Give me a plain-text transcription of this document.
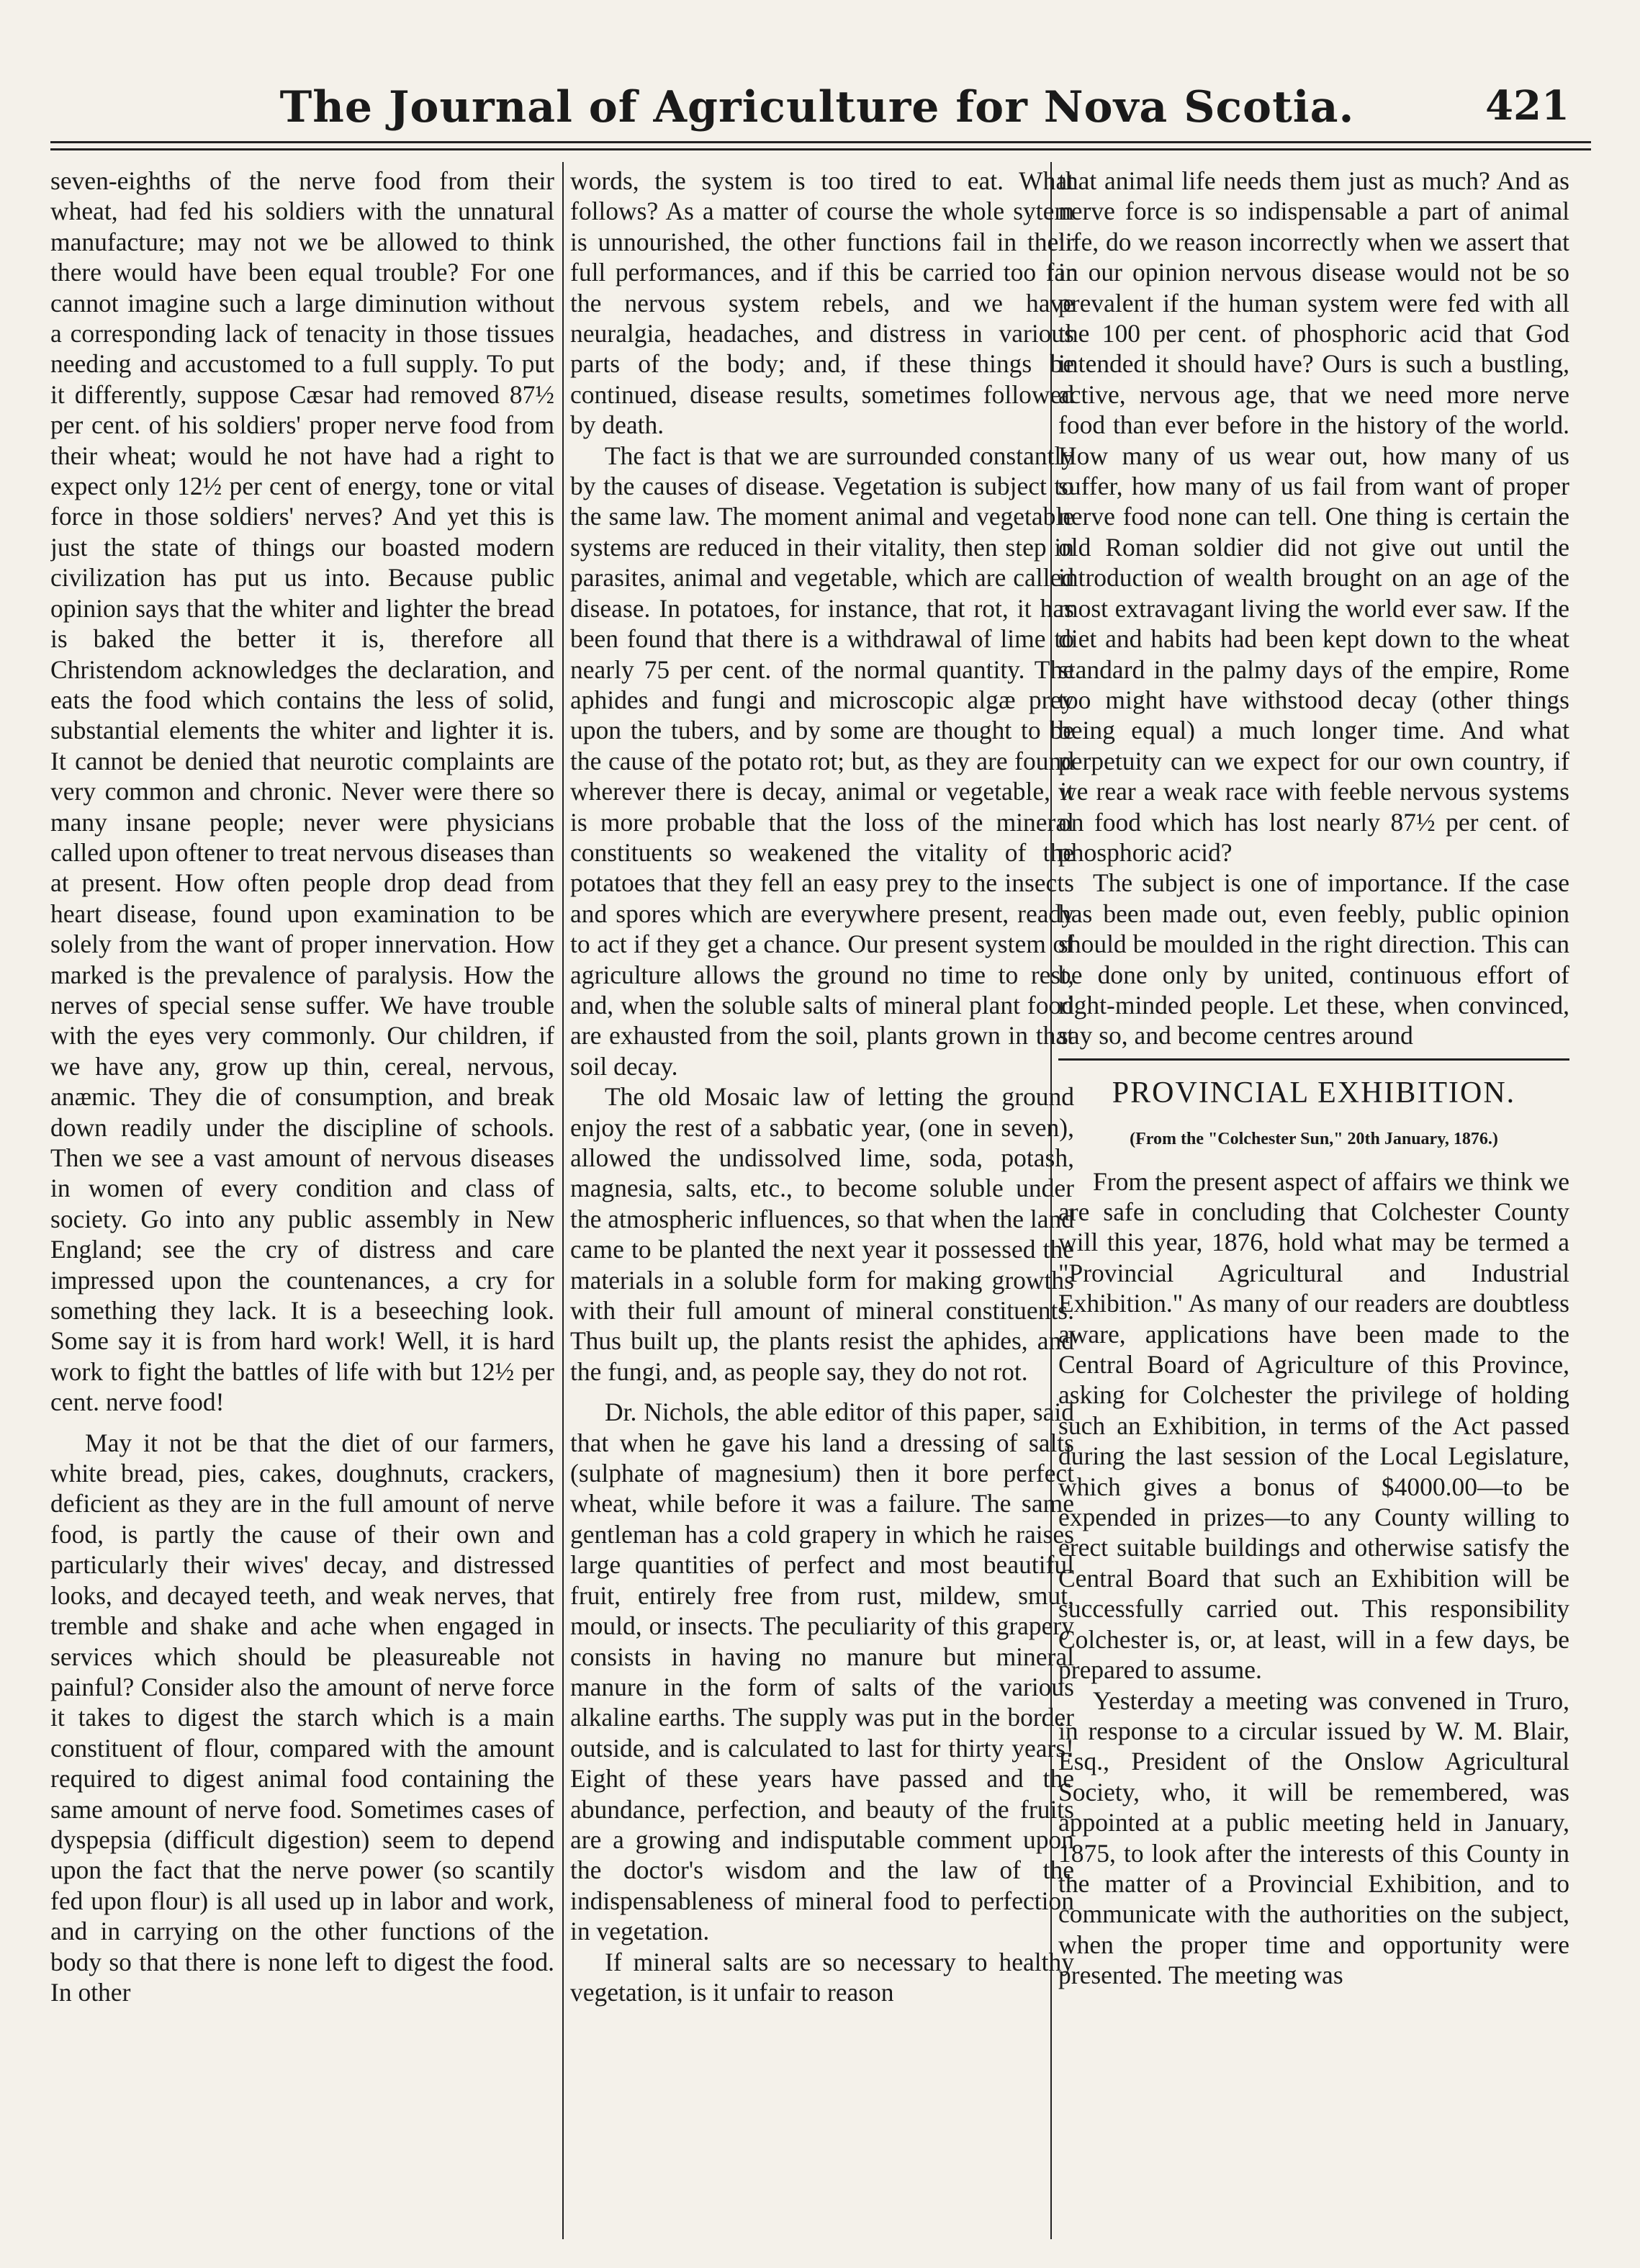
The Journal of Agriculture for Nova Scotia.	421

seven-eighths of the nerve food from their wheat, had fed his soldiers with the unnatural manufacture; may not we be allowed to think there would have been equal trouble? For one cannot imagine such a large diminution without a corresponding lack of tenacity in those tissues needing and accustomed to a full supply. To put it differently, suppose Cæsar had removed 87½ per cent. of his soldiers' proper nerve food from their wheat; would he not have had a right to expect only 12½ per cent of energy, tone or vital force in those soldiers' nerves? And yet this is just the state of things our boasted modern civilization has put us into. Because public opinion says that the whiter and lighter the bread is baked the better it is, therefore all Christendom acknowledges the declaration, and eats the food which contains the less of solid, substantial elements the whiter and lighter it is. It cannot be denied that neurotic complaints are very common and chronic. Never were there so many insane people; never were physicians called upon oftener to treat nervous diseases than at present. How often people drop dead from heart disease, found upon examination to be solely from the want of proper innervation. How marked is the prevalence of paralysis. How the nerves of special sense suffer. We have trouble with the eyes very commonly. Our children, if we have any, grow up thin, cereal, nervous, anæmic. They die of consumption, and break down readily under the discipline of schools. Then we see a vast amount of nervous diseases in women of every condition and class of society. Go into any public assembly in New England; see the cry of distress and care impressed upon the countenances, a cry for something they lack. It is a beseeching look. Some say it is from hard work! Well, it is hard work to fight the battles of life with but 12½ per cent. nerve food!

May it not be that the diet of our farmers, white bread, pies, cakes, doughnuts, crackers, deficient as they are in the full amount of nerve food, is partly the cause of their own and particularly their wives' decay, and distressed looks, and decayed teeth, and weak nerves, that tremble and shake and ache when engaged in services which should be pleasureable not painful? Consider also the amount of nerve force it takes to digest the starch which is a main constituent of flour, compared with the amount required to digest animal food containing the same amount of nerve food. Sometimes cases of dyspepsia (difficult digestion) seem to depend upon the fact that the nerve power (so scantily fed upon flour) is all used up in labor and work, and in carrying on the other functions of the body so that there is none left to digest the food. In other

words, the system is too tired to eat. What follows? As a matter of course the whole sytem is unnourished, the other functions fail in their full performances, and if this be carried too far the nervous system rebels, and we have neuralgia, headaches, and distress in various parts of the body; and, if these things be continued, disease results, sometimes followed by death.

The fact is that we are surrounded constantly by the causes of disease. Vegetation is subject to the same law. The moment animal and vegetable systems are reduced in their vitality, then step in parasites, animal and vegetable, which are called disease. In potatoes, for instance, that rot, it has been found that there is a withdrawal of lime to nearly 75 per cent. of the normal quantity. The aphides and fungi and microscopic algæ prey upon the tubers, and by some are thought to be the cause of the potato rot; but, as they are found wherever there is decay, animal or vegetable, it is more probable that the loss of the mineral constituents so weakened the vitality of the potatoes that they fell an easy prey to the insects and spores which are everywhere present, ready to act if they get a chance. Our present system of agriculture allows the ground no time to rest, and, when the soluble salts of mineral plant food are exhausted from the soil, plants grown in that soil decay.

The old Mosaic law of letting the ground enjoy the rest of a sabbatic year, (one in seven), allowed the undissolved lime, soda, potash, magnesia, salts, etc., to become soluble under the atmospheric influences, so that when the land came to be planted the next year it possessed the materials in a soluble form for making growths with their full amount of mineral constituents. Thus built up, the plants resist the aphides, and the fungi, and, as people say, they do not rot.

Dr. Nichols, the able editor of this paper, said that when he gave his land a dressing of salts (sulphate of magnesium) then it bore perfect wheat, while before it was a failure. The same gentleman has a cold grapery in which he raises large quantities of perfect and most beautiful fruit, entirely free from rust, mildew, smut, mould, or insects. The peculiarity of this grapery consists in having no manure but mineral manure in the form of salts of the various alkaline earths. The supply was put in the border outside, and is calculated to last for thirty years! Eight of these years have passed and the abundance, perfection, and beauty of the fruits are a growing and indisputable comment upon the doctor's wisdom and the law of the indispensableness of mineral food to perfection in vegetation.

If mineral salts are so necessary to healthy vegetation, is it unfair to reason

that animal life needs them just as much? And as nerve force is so indispensable a part of animal life, do we reason incorrectly when we assert that in our opinion nervous disease would not be so prevalent if the human system were fed with all the 100 per cent. of phosphoric acid that God intended it should have? Ours is such a bustling, active, nervous age, that we need more nerve food than ever before in the history of the world. How many of us wear out, how many of us suffer, how many of us fail from want of proper nerve food none can tell. One thing is certain the old Roman soldier did not give out until the introduction of wealth brought on an age of the most extravagant living the world ever saw. If the diet and habits had been kept down to the wheat standard in the palmy days of the empire, Rome too might have withstood decay (other things being equal) a much longer time. And what perpetuity can we expect for our own country, if we rear a weak race with feeble nervous systems on food which has lost nearly 87½ per cent. of phosphoric acid?

The subject is one of importance. If the case has been made out, even feebly, public opinion should be moulded in the right direction. This can be done only by united, continuous effort of right-minded people. Let these, when convinced, say so, and become centres around

PROVINCIAL EXHIBITION.
(From the "Colchester Sun," 20th January, 1876.)

From the present aspect of affairs we think we are safe in concluding that Colchester County will this year, 1876, hold what may be termed a "Provincial Agricultural and Industrial Exhibition." As many of our readers are doubtless aware, applications have been made to the Central Board of Agriculture of this Province, asking for Colchester the privilege of holding such an Exhibition, in terms of the Act passed during the last session of the Local Legislature, which gives a bonus of $4000.00—to be expended in prizes—to any County willing to erect suitable buildings and otherwise satisfy the Central Board that such an Exhibition will be successfully carried out. This responsibility Colchester is, or, at least, will in a few days, be prepared to assume.

Yesterday a meeting was convened in Truro, in response to a circular issued by W. M. Blair, Esq., President of the Onslow Agricultural Society, who, it will be remembered, was appointed at a public meeting held in January, 1875, to look after the interests of this County in the matter of a Provincial Exhibition, and to communicate with the authorities on the subject, when the proper time and opportunity were presented. The meeting was
